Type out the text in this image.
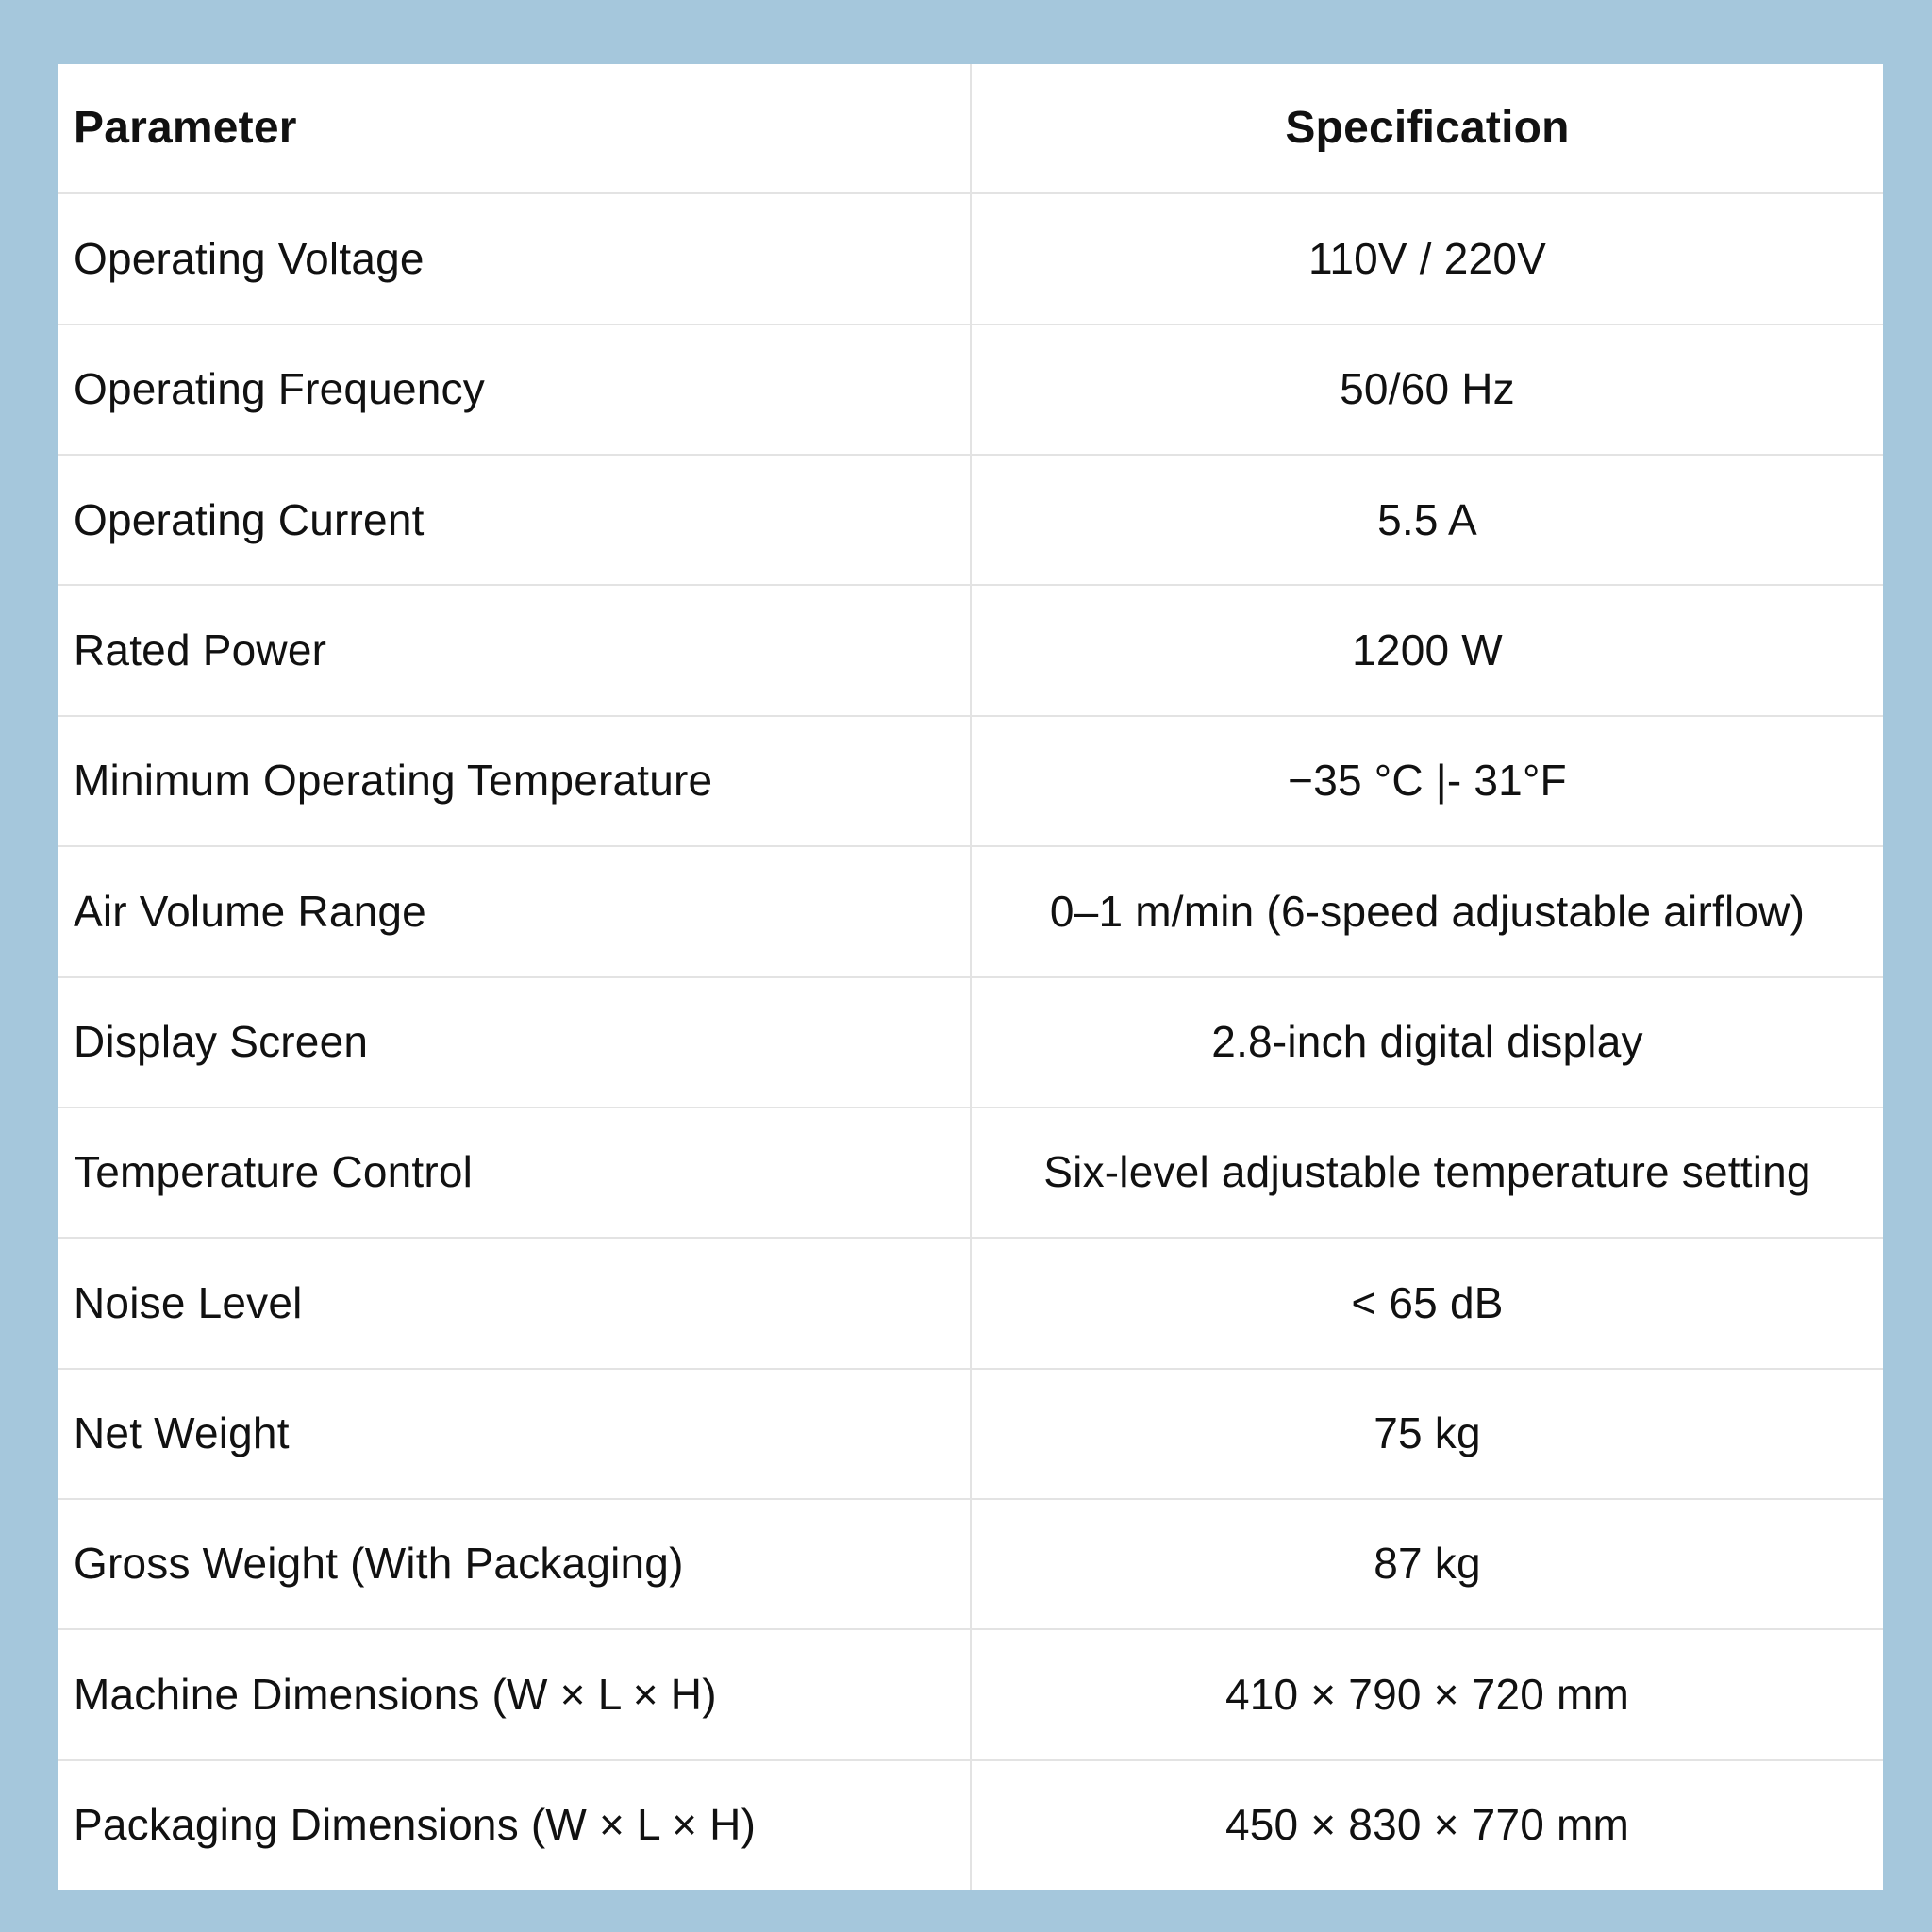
Parameter	Specification
Operating Voltage	110V / 220V
Operating Frequency	50/60 Hz
Operating Current	5.5 A
Rated Power	1200 W
Minimum Operating Temperature	−35 °C |- 31°F
Air Volume Range	0–1 m/min (6-speed adjustable airflow)
Display Screen	2.8-inch digital display
Temperature Control	Six-level adjustable temperature setting
Noise Level	< 65 dB
Net Weight	75 kg
Gross Weight (With Packaging)	87 kg
Machine Dimensions (W × L × H)	410 × 790 × 720 mm
Packaging Dimensions (W × L × H)	450 × 830 × 770 mm
